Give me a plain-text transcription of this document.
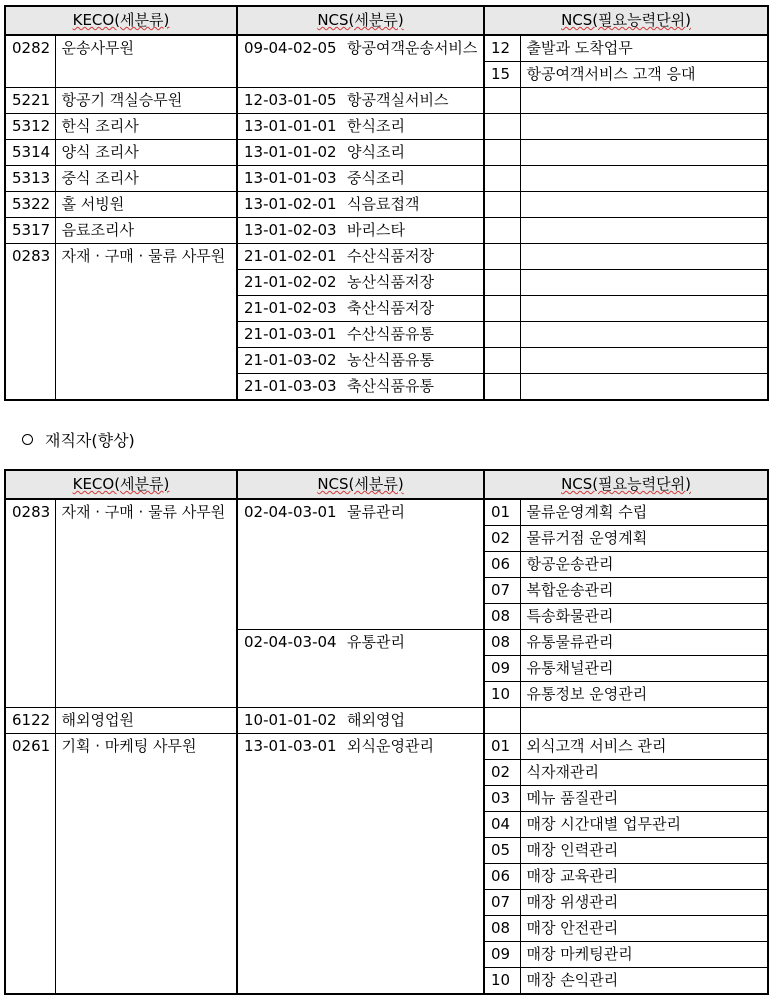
KECO(세분류)		NCS(세분류)		NCS(필요능력단위)	
0282	운송사무원	09-04-02-05	항공여객운송서비스	12	출발과 도착업무
				15	항공여객서비스 고객 응대
5221	항공기 객실승무원	12-03-01-05	항공객실서비스		
5312	한식 조리사	13-01-01-01	한식조리		
5314	양식 조리사	13-01-01-02	양식조리		
5313	중식 조리사	13-01-01-03	중식조리		
5322	홀 서빙원	13-01-02-01	식음료접객		
5317	음료조리사	13-01-02-03	바리스타		
0283	자재 · 구매 · 물류 사무원	21-01-02-01	수산식품저장		
		21-01-02-02	농산식품저장		
		21-01-02-03	축산식품저장		
		21-01-03-01	수산식품유통		
		21-01-03-02	농산식품유통		
		21-01-03-03	축산식품유통		
재직자(향상)
KECO(세분류)		NCS(세분류)		NCS(필요능력단위)	
0283	자재 · 구매 · 물류 사무원	02-04-03-01	물류관리	01	물류운영계획 수립
				02	물류거점 운영계획
				06	항공운송관리
				07	복합운송관리
				08	특송화물관리
		02-04-03-04	유통관리	08	유통물류관리
				09	유통채널관리
				10	유통정보 운영관리
6122	해외영업원	10-01-01-02	해외영업		
0261	기획 · 마케팅 사무원	13-01-03-01	외식운영관리	01	외식고객 서비스 관리
				02	식자재관리
				03	메뉴 품질관리
				04	매장 시간대별 업무관리
				05	매장 인력관리
				06	매장 교육관리
				07	매장 위생관리
				08	매장 안전관리
				09	매장 마케팅관리
				10	매장 손익관리
